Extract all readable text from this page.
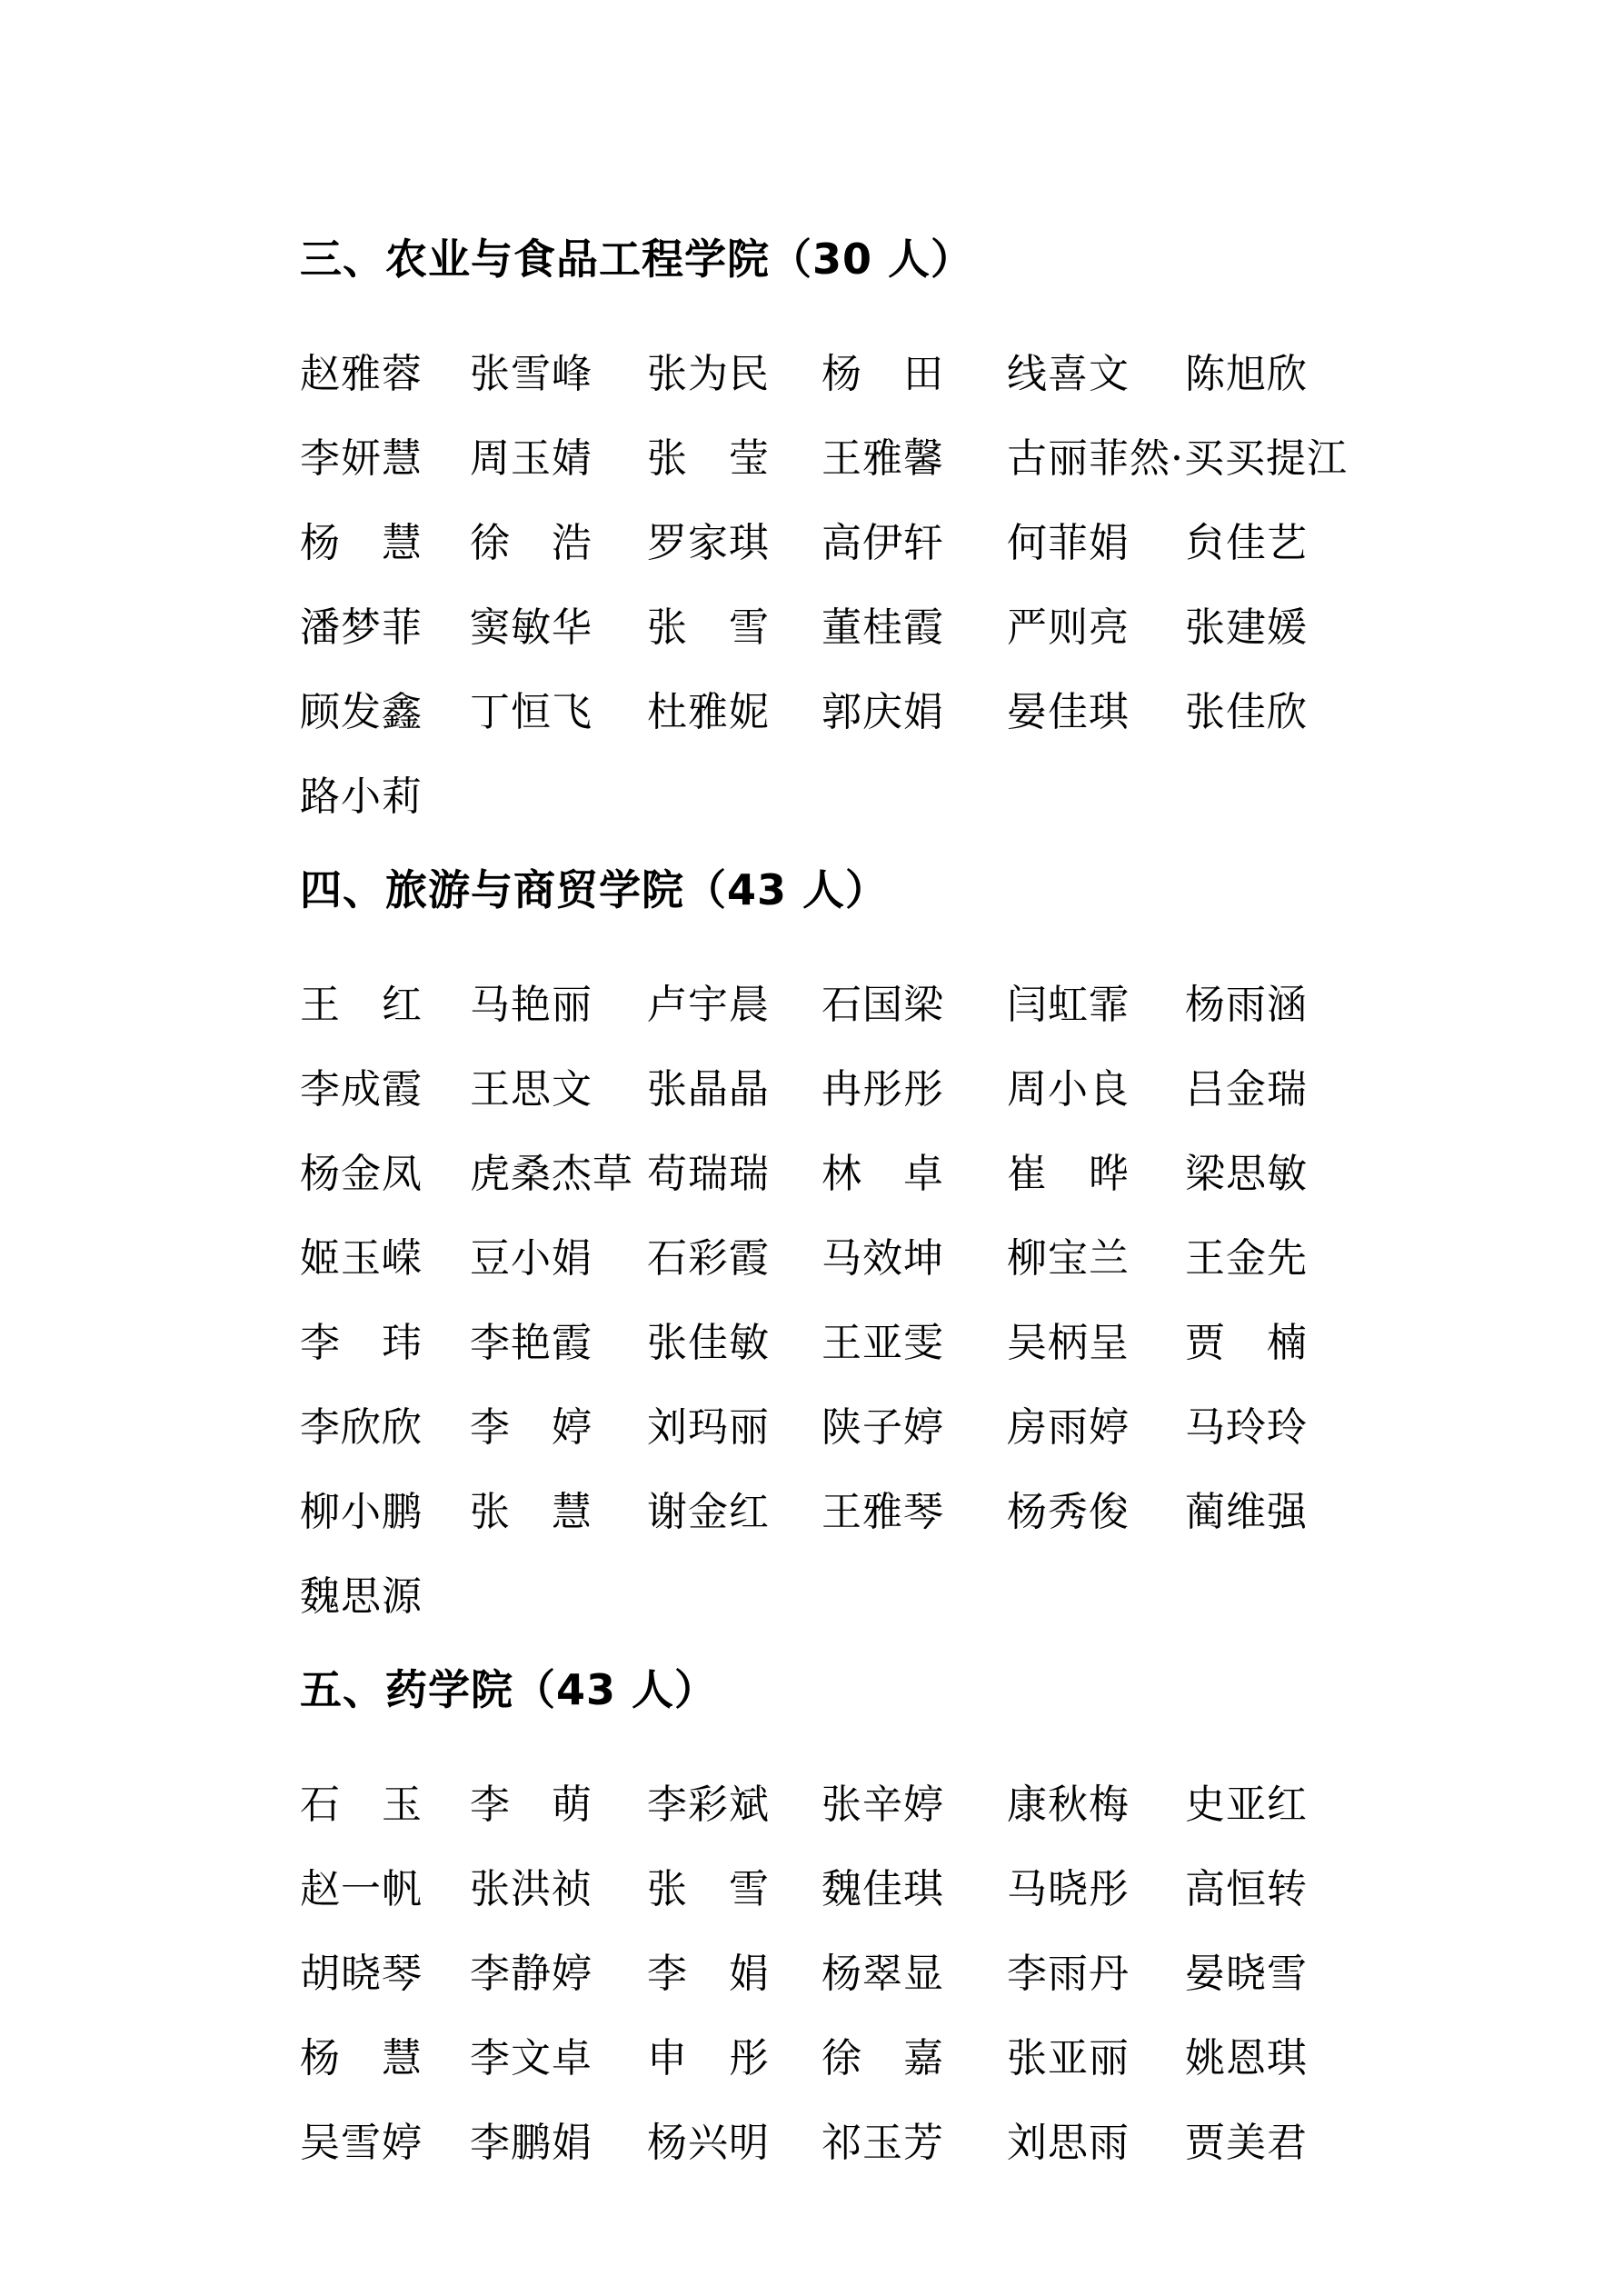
三、农业与食品工程学院（30 人）
赵雅蓉	张雪峰	张为民	杨　田	线喜文	陈旭欣
李妍慧	周玉婧	张　莹	王雅馨	古丽菲然·买买提江
杨　慧	徐　浩	罗家琪	高伊轩	何菲娟	贠佳艺
潘梦菲	窦敏华	张　雪	董桂霞	严则亮	张建媛
顾发鑫	丁恒飞	杜雅妮	郭庆娟	晏佳琪	张佳欣
路小莉
四、旅游与商贸学院（43 人）
王　红	马艳丽	卢宇晨	石国梁	闫虹霏	杨雨涵
李成霞	王思文	张晶晶	冉彤彤	周小良	吕金瑞
杨金凤	虎桑杰草 苟瑞瑞	林　卓	崔　晔	梁思敏
姬玉嵘	豆小娟	石彩霞	马效坤	柳宝兰	王金先
李　玮	李艳霞	张佳敏	王亚雯	吴柄呈	贾　楠
李欣欣	李　婷	刘玛丽	陕子婷	房雨婷	马玲玲
柳小鹏	张　慧	谢金红	王雅琴	杨秀俊	蔺维强
魏思源
五、药学院（43 人）
石　玉	李　萌	李彩斌	张辛婷	康秋梅	史亚红
赵一帆	张洪祯	张　雪	魏佳琪	马晓彤	高恒转
胡晓琴	李静婷	李　娟	杨翠显	李雨丹	晏晓雪
杨　慧	李文卓	申　彤	徐　嘉	张亚丽	姚恩琪
吴雪婷	李鹏娟	杨兴明	祁玉芳	刘思雨	贾美君
